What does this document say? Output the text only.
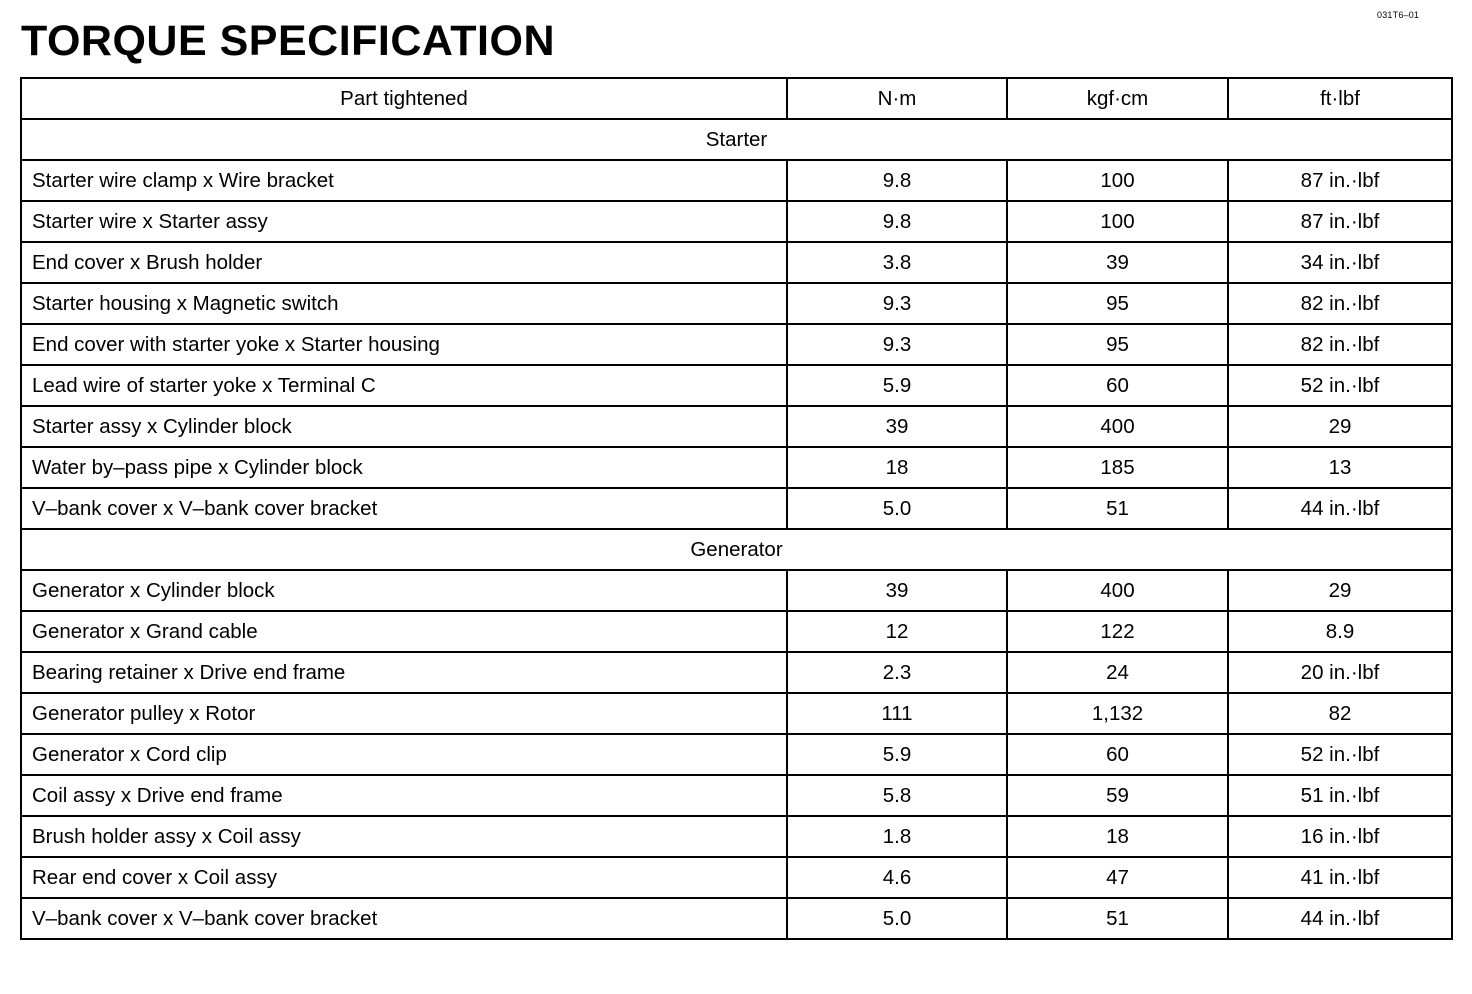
031T6–01
TORQUE SPECIFICATION
Part tightened	N·m	kgf·cm	ft·lbf
Starter			
Starter wire clamp x Wire bracket	9.8	100	87 in.·lbf
Starter wire x Starter assy	9.8	100	87 in.·lbf
End cover x Brush holder	3.8	39	34 in.·lbf
Starter housing x Magnetic switch	9.3	95	82 in.·lbf
End cover with starter yoke x Starter housing	9.3	95	82 in.·lbf
Lead wire of starter yoke x Terminal C	5.9	60	52 in.·lbf
Starter assy x Cylinder block	39	400	29
Water by–pass pipe x Cylinder block	18	185	13
V–bank cover x V–bank cover bracket	5.0	51	44 in.·lbf
Generator			
Generator x Cylinder block	39	400	29
Generator x Grand cable	12	122	8.9
Bearing retainer x Drive end frame	2.3	24	20 in.·lbf
Generator pulley x Rotor	111	1,132	82
Generator x Cord clip	5.9	60	52 in.·lbf
Coil assy x Drive end frame	5.8	59	51 in.·lbf
Brush holder assy x Coil assy	1.8	18	16 in.·lbf
Rear end cover x Coil assy	4.6	47	41 in.·lbf
V–bank cover x V–bank cover bracket	5.0	51	44 in.·lbf
